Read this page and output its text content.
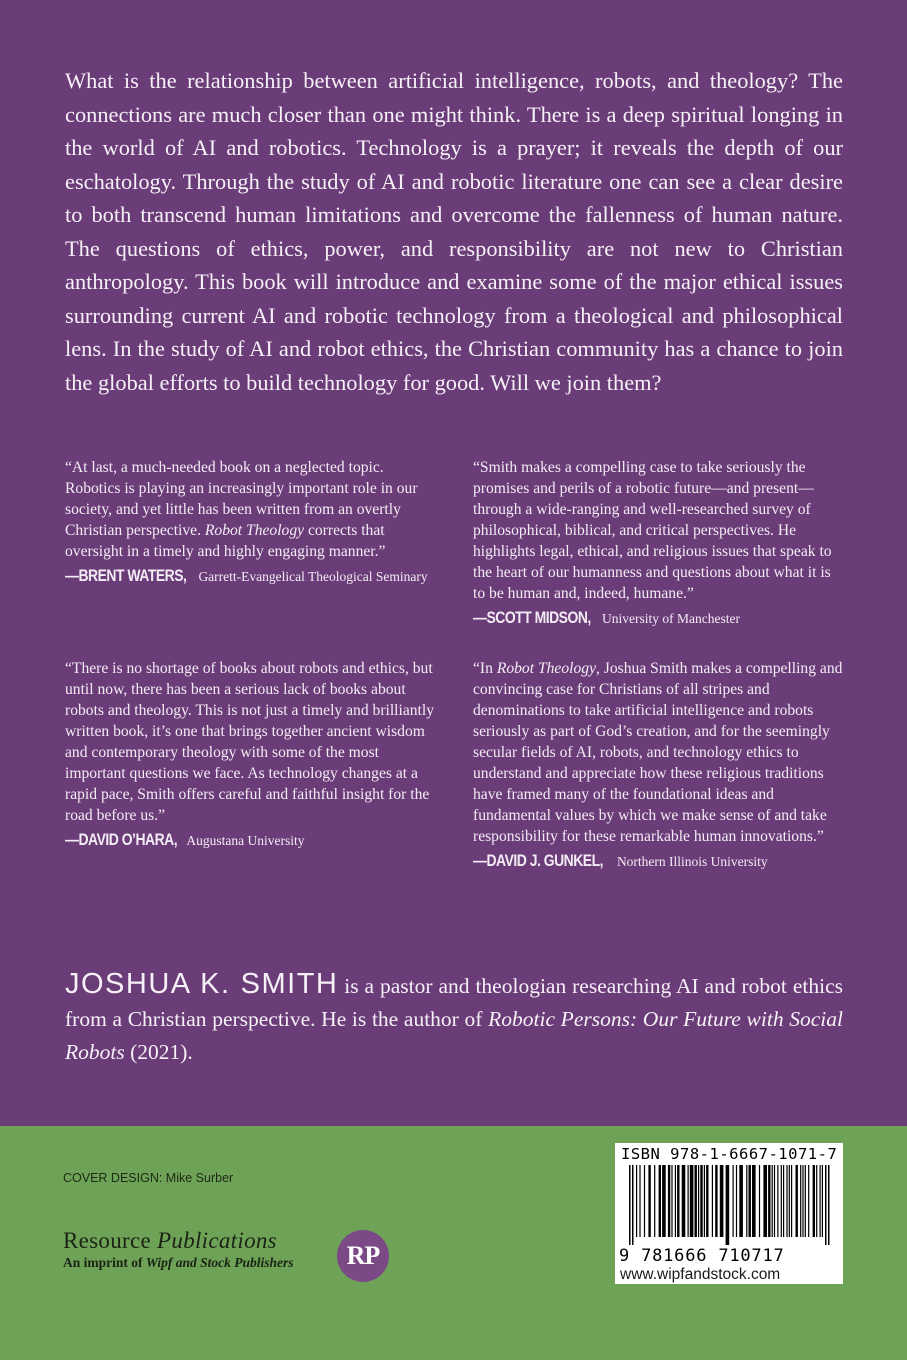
What is the relationship between artificial intelligence, robots, and theology? The connections are much closer than one might think. There is a deep spiritual longing in the world of AI and robotics. Technology is a prayer; it reveals the depth of our eschatology. Through the study of AI and robotic literature one can see a clear desire to both transcend human limitations and overcome the fallenness of human nature. The questions of ethics, power, and responsibility are not new to Christian anthropology. This book will introduce and examine some of the major ethical issues surrounding current AI and robotic technology from a theological and philosophical lens. In the study of AI and robot ethics, the Christian community has a chance to join the global efforts to build technology for good. Will we join them?

“At last, a much-needed book on a neglected topic. Robotics is playing an increasingly important role in our society, and yet little has been written from an overtly Christian perspective. Robot Theology corrects that oversight in a timely and highly engaging manner.”

—BRENT WATERS, Garrett-Evangelical Theological Seminary

“Smith makes a compelling case to take seriously the promises and perils of a robotic future—and present—through a wide-ranging and well-researched survey of philosophical, biblical, and critical perspectives. He highlights legal, ethical, and religious issues that speak to the heart of our humanness and questions about what it is to be human and, indeed, humane.”

—SCOTT MIDSON, University of Manchester

“There is no shortage of books about robots and ethics, but until now, there has been a serious lack of books about robots and theology. This is not just a timely and brilliantly written book, it’s one that brings together ancient wisdom and contemporary theology with some of the most important questions we face. As technology changes at a rapid pace, Smith offers careful and faithful insight for the road before us.”

—DAVID O’HARA, Augustana University

“In Robot Theology, Joshua Smith makes a compelling and convincing case for Christians of all stripes and denominations to take artificial intelligence and robots seriously as part of God’s creation, and for the seemingly secular fields of AI, robots, and technology ethics to understand and appreciate how these religious traditions have framed many of the foundational ideas and fundamental values by which we make sense of and take responsibility for these remarkable human innovations.”

—DAVID J. GUNKEL, Northern Illinois University

JOSHUA K. SMITH is a pastor and theologian researching AI and robot ethics from a Christian perspective. He is the author of Robotic Persons: Our Future with Social Robots (2021).

COVER DESIGN: Mike Surber
Resource Publications
An imprint of Wipf and Stock Publishers	RP
ISBN 978-1-6667-1071-7
9 781666 710717
www.wipfandstock.com
